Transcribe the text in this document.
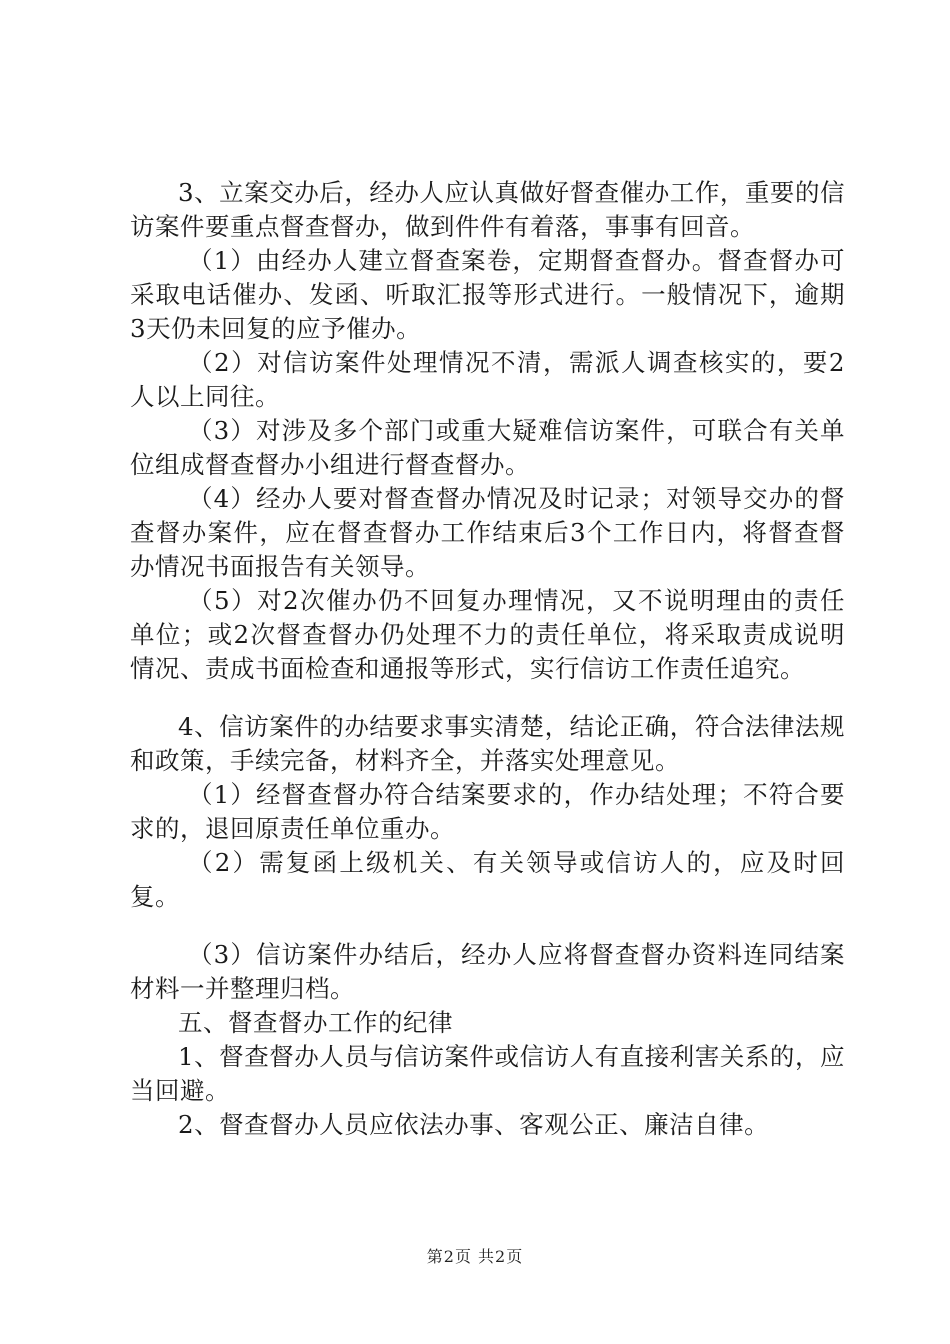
3、立案交办后，经办人应认真做好督查催办工作，重要的信访案件要重点督查督办，做到件件有着落，事事有回音。

（1）由经办人建立督查案卷，定期督查督办。督查督办可采取电话催办、发函、听取汇报等形式进行。一般情况下，逾期3天仍未回复的应予催办。

（2）对信访案件处理情况不清，需派人调查核实的，要2人以上同往。

（3）对涉及多个部门或重大疑难信访案件，可联合有关单位组成督查督办小组进行督查督办。

（4）经办人要对督查督办情况及时记录；对领导交办的督查督办案件，应在督查督办工作结束后3个工作日内，将督查督办情况书面报告有关领导。

（5）对2次催办仍不回复办理情况，又不说明理由的责任单位；或2次督查督办仍处理不力的责任单位，将采取责成说明情况、责成书面检查和通报等形式，实行信访工作责任追究。

4、信访案件的办结要求事实清楚，结论正确，符合法律法规和政策，手续完备，材料齐全，并落实处理意见。

（1）经督查督办符合结案要求的，作办结处理；不符合要求的，退回原责任单位重办。

（2）需复函上级机关、有关领导或信访人的，应及时回复。

（3）信访案件办结后，经办人应将督查督办资料连同结案材料一并整理归档。

五、督查督办工作的纪律

1、督查督办人员与信访案件或信访人有直接利害关系的，应当回避。

2、督查督办人员应依法办事、客观公正、廉洁自律。

第2页 共2页
